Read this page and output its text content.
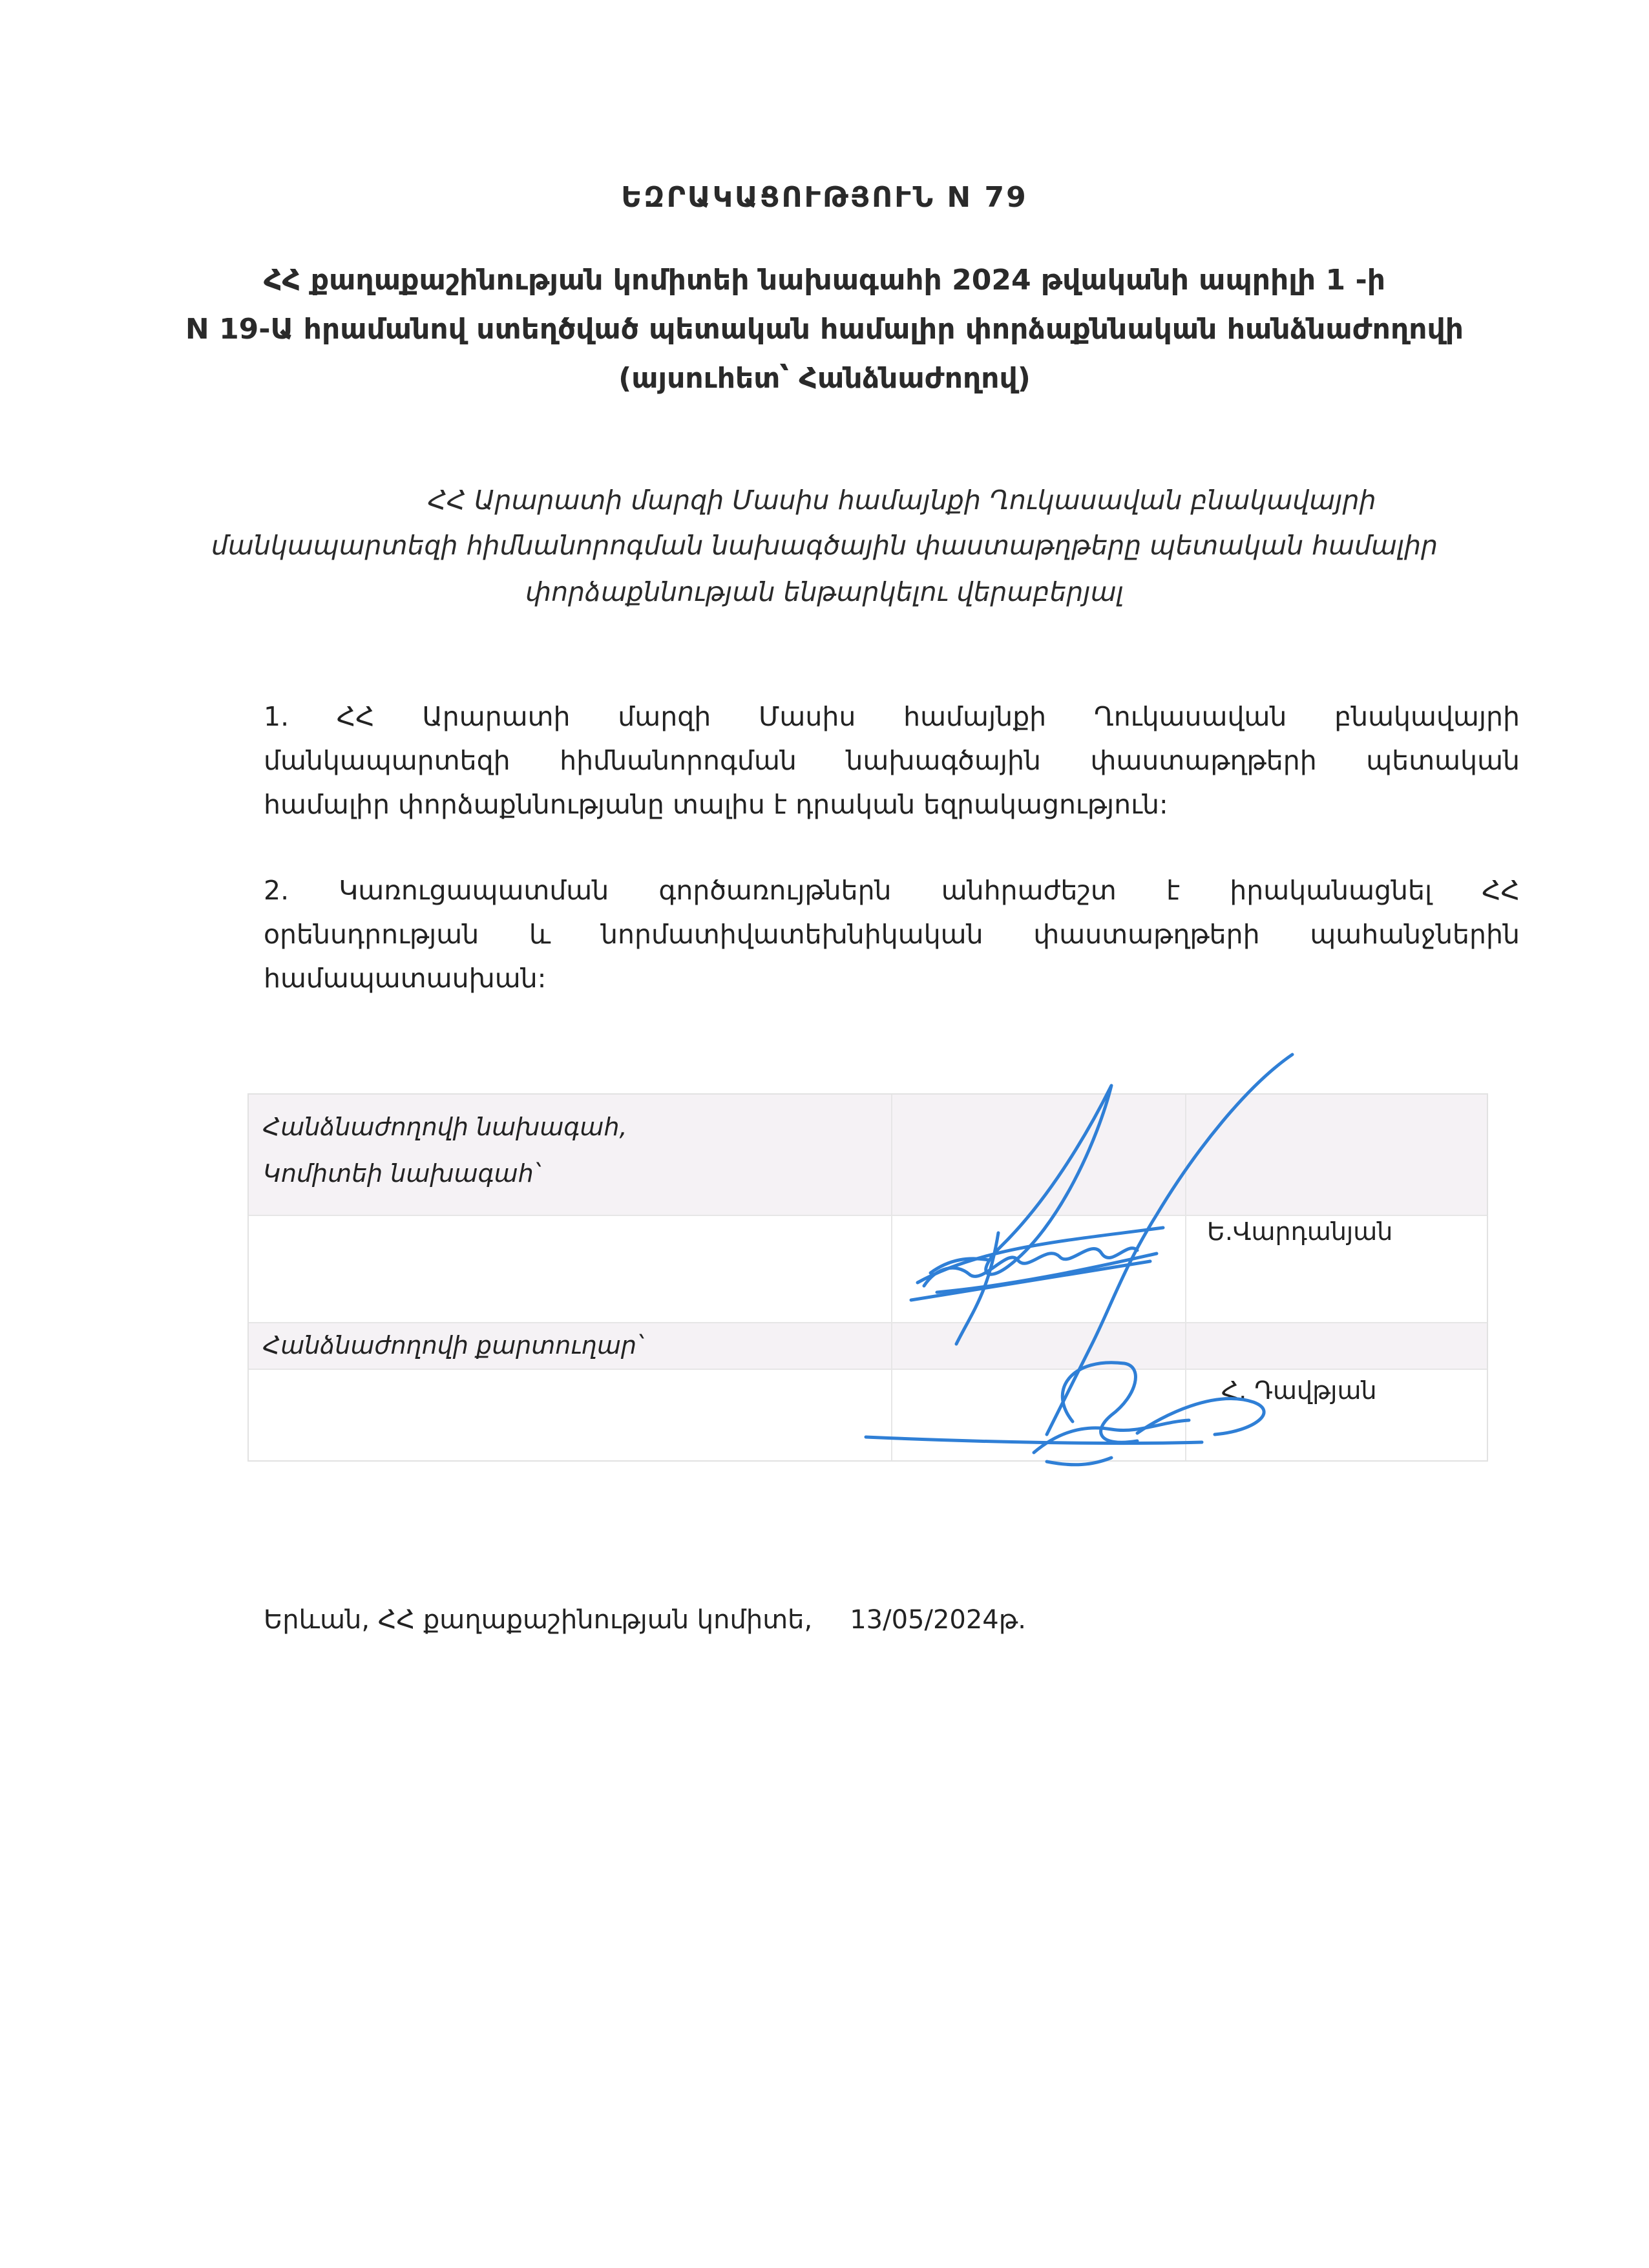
ԵԶՐԱԿԱՑՈՒԹՅՈՒՆ N 79
ՀՀ քաղաքաշինության կոմիտեի նախագահի 2024 թվականի ապրիլի 1 -ի
N 19-Ա հրամանով ստեղծված պետական համալիր փորձաքննական հանձնաժողովի
(այսուհետ՝ Հանձնաժողով)
ՀՀ Արարատի մարզի Մասիս համայնքի Ղուկասավան բնակավայրի
մանկապարտեզի հիմնանորոգման նախագծային փաստաթղթերը պետական համալիր
փորձաքննության ենթարկելու վերաբերյալ
1. ՀՀ Արարատի մարզի Մասիս համայնքի Ղուկասավան բնակավայրի
մանկապարտեզի հիմնանորոգման նախագծային փաստաթղթերի պետական
համալիր փորձաքննությանը տալիս է դրական եզրակացություն:
2. Կառուցապատման գործառույթներն անհրաժեշտ է իրականացնել ՀՀ
օրենսդրության և նորմատիվատեխնիկական փաստաթղթերի պահանջներին
համապատասխան:
Հանձնաժողովի նախագահ,
Կոմիտեի նախագահ՝
Ե.Վարդանյան
Հանձնաժողովի քարտուղար՝
Հ. Դավթյան
Երևան, ՀՀ քաղաքաշինության կոմիտե, 13/05/2024թ.
